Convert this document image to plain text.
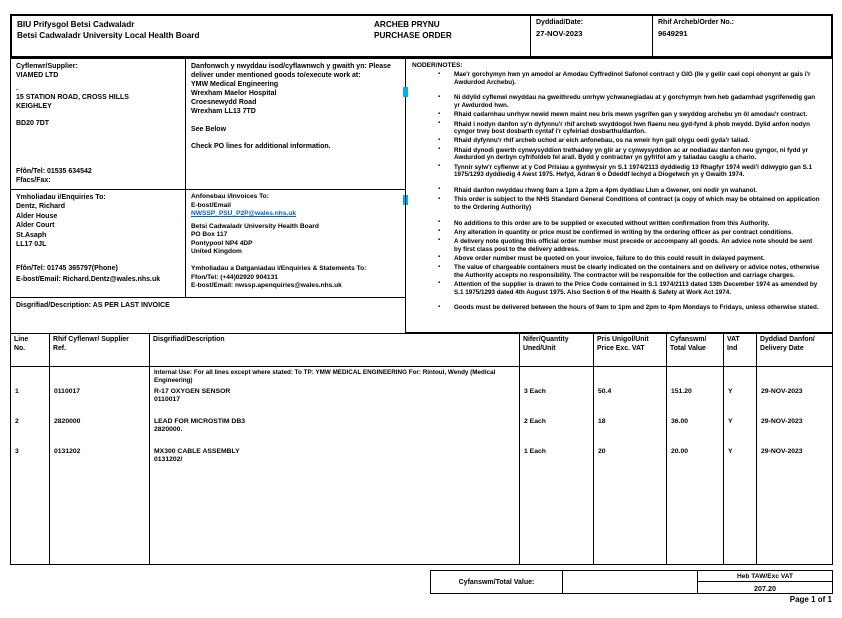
BIU Prifysgol Betsi Cadwaladr
Betsi Cadwaladr University Local Health Board
ARCHEB PRYNU
PURCHASE ORDER
Dyddiad/Date:
27-NOV-2023
Rhif Archeb/Order No.:
9649291
Cyflenwr/Supplier:
VIAMED LTD
.
15 STATION ROAD, CROSS HILLS
KEIGHLEY
BD20 7DT
Ffôn/Tel: 01535 634542
Ffacs/Fax:
Danfonwch y nwyddau isod/cyflawnwch y gwaith yn: Please deliver under mentioned goods to/execute work at:
YMW Medical Engineering
Wrexham Maelor Hospital
Croesnewydd Road
Wrexham LL13 7TD
See Below
Check PO lines for additional information.
NODER/NOTES:
▪ Mae'r gorchymyn hwn yn amodol ar Amodau Cyffredinol Safonol contract y GIG (lle y gellir cael copi ohonynt ar gais i'r Awdurdod Archebu).
▪ Ni ddylid cyflenwi nwyddau na gweithredu unrhyw ychwanegiadau at y gorchymyn hwn heb gadarnhad ysgrifenedig gan yr Awdurdod hwn.
▪ Rhaid cadarnhau unrhyw newid mewn maint neu bris mewn ysgrifen gan y swyddog archebu yn ôl amodau'r contract.
▪ Rhaid i nodyn danfon sy'n dyfynnu'r rhif archeb swyddogol hwn flaenu neu gyd-fynd â phob nwydd. Dylid anfon nodyn cyngor trwy bost dosbarth cyntaf i'r cyfeiriad dosbarthu/danfon.
▪ Rhaid dyfynnu'r rhif archeb uchod ar eich anfonebau, os na wneir hyn gall olygu oedi gyda'r taliad.
▪ Rhaid dynodi gwerth cynwysyddion trethadwy yn glir ar y cynwysyddion ac ar nodiadau danfon neu gyngor, ni fydd yr Awdurdod yn derbyn cyfrifoldeb fel arall. Bydd y contractwr yn gyfrifol am y taliadau casglu a chario.
▪ Tynnir sylw'r cyflenwr at y Cod Prisiau a gynhwysir yn S.1 1974/2113 dyddiedig 13 Rhagfyr 1974 wedi'i ddiwygio gan S.1 1975/1293 dyddiedig 4 Awst 1975. Hefyd, Adran 6 o Ddeddf Iechyd a Diogelwch yn y Gwaith 1974.
▪ Rhaid danfon nwyddau rhwng 9am a 1pm a 2pm a 4pm dyddiau Llun a Gwener, oni nodir yn wahanol.
▪ This order is subject to the NHS Standard General Conditions of contract (a copy of which may be obtained on application to the Ordering Authority)
▪ No additions to this order are to be supplied or executed without written confirmation from this Authority.
▪ Any alteration in quantity or price must be confirmed in writing by the ordering officer as per contract conditions.
▪ A delivery note quoting this official order number must precede or accompany all goods. An advice note should be sent by first class post to the delivery address.
▪ Above order number must be quoted on your invoice, failure to do this could result in delayed payment.
▪ The value of chargeable containers must be clearly indicated on the containers and on delivery or advice notes, otherwise the Authority accepts no responsibility. The contractor will be responsible for the collection and carriage charges.
▪ Attention of the supplier is drawn to the Price Code contained in S.1 1974/2113 dated 13th December 1974 as amended by S.1 1975/1293 dated 4th August 1975. Also Section 6 of the Health & Safety at Work Act 1974.
▪ Goods must be delivered between the hours of 9am to 1pm and 2pm to 4pm Mondays to Fridays, unless otherwise stated.
Ymholiadau i/Enquiries To:
Dentz, Richard
Alder House
Alder Court
St.Asaph
LL17 0JL
Ffôn/Tel: 01745 365797(Phone)
E-bost/Email: Richard.Dentz@wales.nhs.uk
Anfonebau i/Invoices To:
E-bost/Email
NWSSP_PSU_P2P@wales.nhs.uk
Betsi Cadwaladr University Health Board
PO Box 117
Pontypool NP4 4DP
United Kingdom
Ymholiadau a Datganiadau i/Enquiries & Statements To:
Ffon/Tel: (+44)02920 904131
E-bost/Email: nwssp.apenquiries@wales.nhs.uk
Disgrifiad/Description: AS PER LAST INVOICE
Line
No.
Rhif Cyflenwr/ Supplier
Ref.
Disgrifiad/Description	Nifer/Quantity
Uned/Unit
Pris Unigol/Unit
Price Exc. VAT
Cyfanswm/
Total Value
VAT
Ind
Dyddiad Danfon/
Delivery Date
1
2
3
0110017
2820000
0131202
Internal Use: For all lines except where stated: To TP: YMW MEDICAL ENGINEERING For: Rintoul, Wendy (Medical Engineering)
R-17 OXYGEN SENSOR
0110017
LEAD FOR MICROSTIM DB3
2820000.
MX300 CABLE ASSEMBLY
0131202/
3 Each
2 Each
1 Each
50.4
18
20
151.20
36.00
20.00
Y
Y
Y
29-NOV-2023
29-NOV-2023
29-NOV-2023
Cyfanswm/Total Value:
Heb TAW/Exc VAT
207.20
Page 1 of 1
